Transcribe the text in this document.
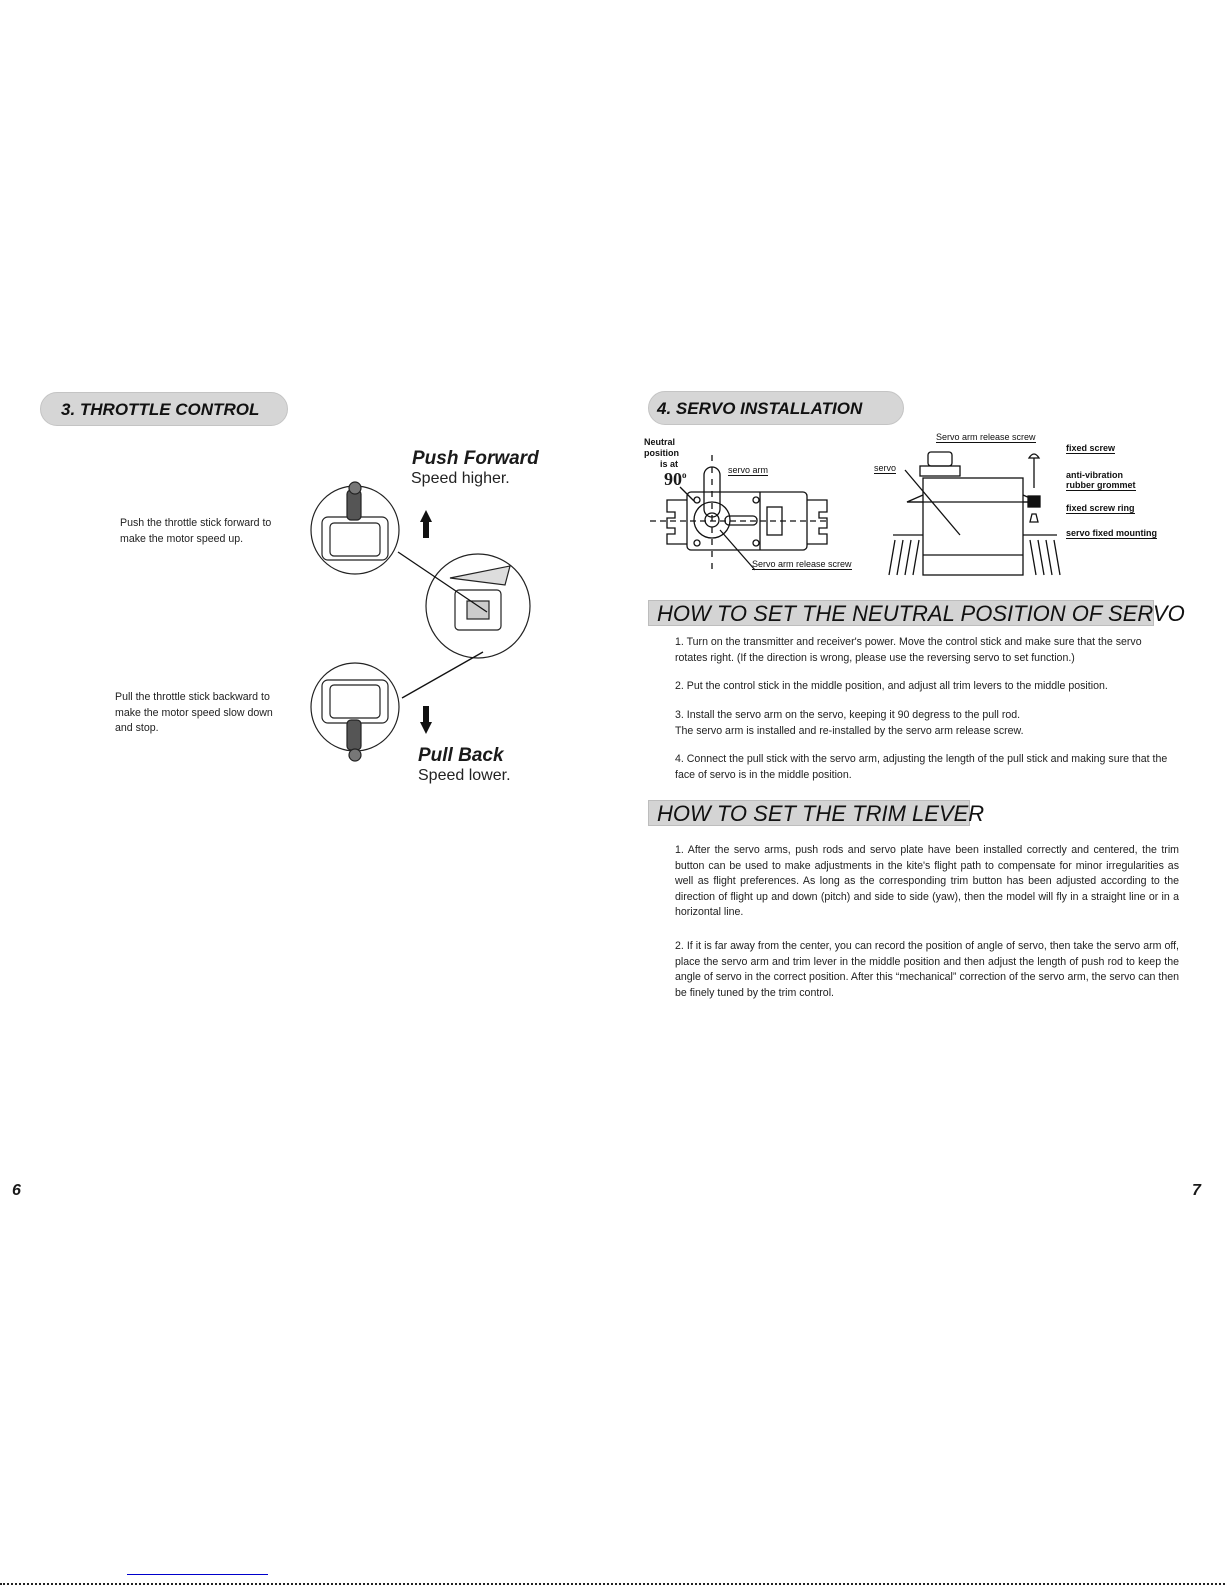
3. THROTTLE CONTROL
Push Forward
Speed higher.
Push the throttle stick forward to
make the motor speed up.
Pull the throttle stick backward to
make the motor speed slow down
and stop.
Pull Back
Speed lower.
6
4. SERVO INSTALLATION
Neutral
position
is at
90$^o$	servo arm
Servo arm release screw
Servo arm release screw
servo
fixed screw
anti-vibration
rubber grommet
fixed screw ring
servo fixed mounting
HOW TO SET THE NEUTRAL POSITION OF SERVO
1. Turn on the transmitter and receiver's power. Move the control stick and make sure that the servo rotates right. (If the direction is wrong, please use the reversing servo to set function.)
2. Put the control stick in the middle position, and adjust all trim levers to the middle position.
3. Install the servo arm on the servo, keeping it 90 degress to the pull rod.
The servo arm is installed and re-installed by the servo arm release screw.
4. Connect the pull stick with the servo arm, adjusting the length of the pull stick and making sure that the face of servo is in the middle position.
HOW TO SET THE TRIM LEVER
1. After the servo arms, push rods and servo plate have been installed correctly and centered, the trim button can be used to make adjustments in the kite's flight path to compensate for minor irregularities as well as flight preferences. As long as the corresponding trim button has been adjusted according to the direction of flight up and down (pitch) and side to side (yaw), then the model will fly in a straight line or in a horizontal line.
2. If it is far away from the center, you can record the position of angle of servo, then take the servo arm off, place the servo arm and trim lever in the middle position and then adjust the length of push rod to keep the angle of servo in the correct position. After this “mechanical” correction of the servo arm, the servo can then be finely tuned by the trim control.
7
